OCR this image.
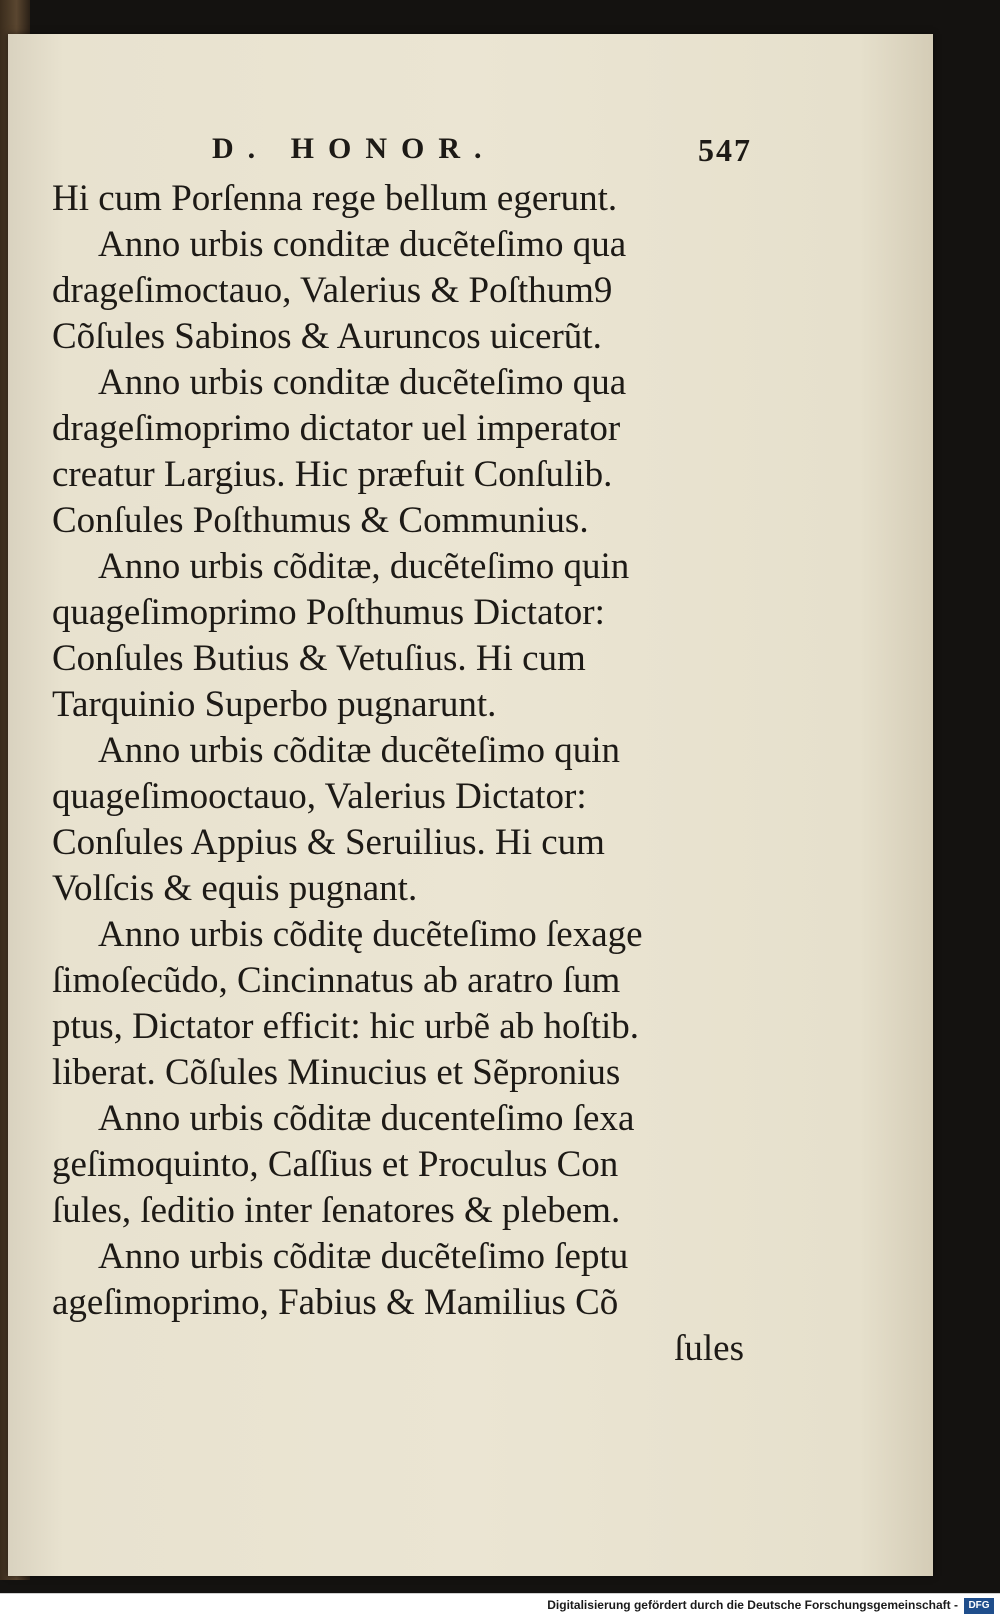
D. HONOR.	547

Hi cum Porſenna rege bellum egerunt.

Anno urbis conditæ ducẽteſimo qua

drageſimoctauo, Valerius & Poſthum9

Cõſules Sabinos & Auruncos uicerũt.

Anno urbis conditæ ducẽteſimo qua

drageſimoprimo dictator uel imperator

creatur Largius. Hic præfuit Conſulib.

Conſules Poſthumus & Communius.

Anno urbis cõditæ, ducẽteſimo quin

quageſimoprimo Poſthumus Dictator:

Conſules Butius & Vetuſius. Hi cum

Tarquinio Superbo pugnarunt.

Anno urbis cõditæ ducẽteſimo quin

quageſimooctauo, Valerius Dictator:

Conſules Appius & Seruilius. Hi cum

Volſcis & equis pugnant.

Anno urbis cõditę ducẽteſimo ſexage

ſimoſecũdo, Cincinnatus ab aratro ſum

ptus, Dictator efficit: hic urbẽ ab hoſtib.

liberat. Cõſules Minucius et Sẽpronius

Anno urbis cõditæ ducenteſimo ſexa

geſimoquinto, Caſſius et Proculus Con

ſules, ſeditio inter ſenatores & plebem.

Anno urbis cõditæ ducẽteſimo ſeptu

ageſimoprimo, Fabius & Mamilius Cõ

ſules

Digitalisierung gefördert durch die Deutsche Forschungsgemeinschaft -	DFG
